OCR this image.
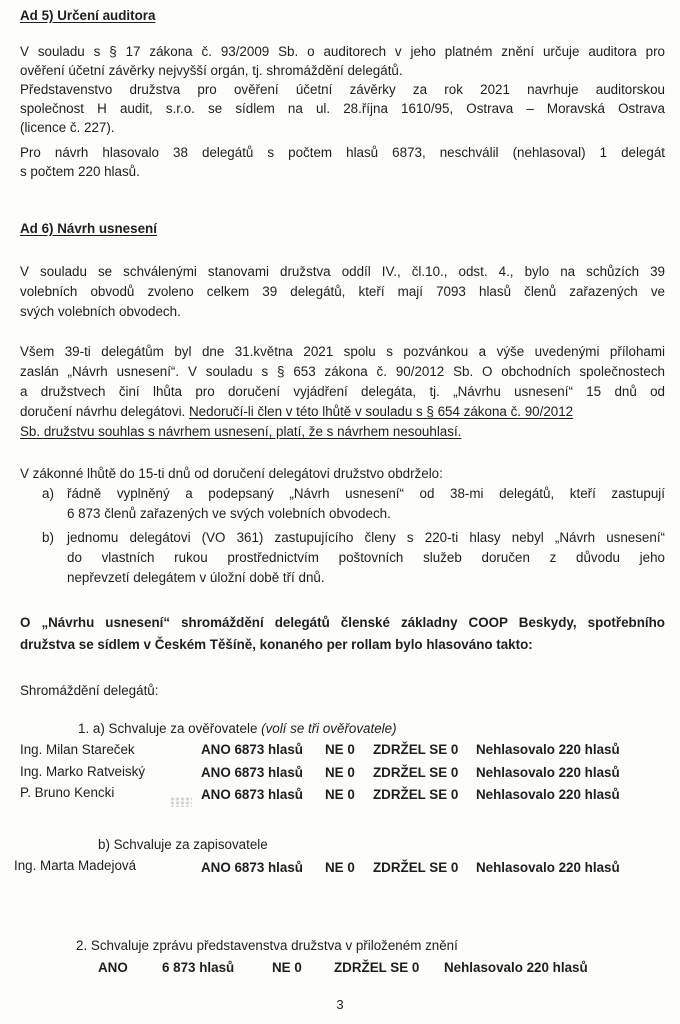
Ad 5) Určení auditora
V souladu s § 17 zákona č. 93/2009 Sb. o auditorech v jeho platném znění určuje auditora pro
ověření účetní závěrky nejvyšší orgán, tj. shromáždění delegátů.
Představenstvo družstva pro ověření účetní závěrky za rok 2021 navrhuje auditorskou
společnost H audit, s.r.o. se sídlem na ul. 28.října 1610/95, Ostrava – Moravská Ostrava
(licence č. 227).
Pro návrh hlasovalo 38 delegátů s počtem hlasů 6873, neschválil (nehlasoval) 1 delegát
s počtem 220 hlasů.
Ad 6) Návrh usnesení
V souladu se schválenými stanovami družstva oddíl IV., čl.10., odst. 4., bylo na schůzích 39
volebních obvodů zvoleno celkem 39 delegátů, kteří mají 7093 hlasů členů zařazených ve
svých volebních obvodech.
Všem 39-ti delegátům byl dne 31.května 2021 spolu s pozvánkou a výše uvedenými přílohami
zaslán „Návrh usnesení“. V souladu s § 653 zákona č. 90/2012 Sb. O obchodních společnostech
a družstvech činí lhůta pro doručení vyjádření delegáta, tj. „Návrhu usnesení“ 15 dnů od
doručení návrhu delegátovi. Nedoručí-li člen v této lhůtě v souladu s § 654 zákona č. 90/2012
Sb. družstvu souhlas s návrhem usnesení, platí, že s návrhem nesouhlasí.
V zákonné lhůtě do 15-ti dnů od doručení delegátovi družstvo obdrželo:
a) řádně vyplněný a podepsaný „Návrh usnesení“ od 38-mi delegátů, kteří zastupují
6 873 členů zařazených ve svých volebních obvodech.
b) jednomu delegátovi (VO 361) zastupujícího členy s 220-ti hlasy nebyl „Návrh usnesení“
do vlastních rukou prostřednictvím poštovních služeb doručen z důvodu jeho
nepřevzetí delegátem v úložní době tří dnů.
O „Návrhu usnesení“ shromáždění delegátů členské základny COOP Beskydy, spotřebního
družstva se sídlem v Českém Těšíně, konaného per rollam bylo hlasováno takto:
Shromáždění delegátů:
1. a) Schvaluje za ověřovatele (volí se tři ověřovatele)
Ing. Milan Stareček	ANO 6873 hlasů NE 0 ZDRŽEL SE 0 Nehlasovalo 220 hlasů
Ing. Marko Ratveiský	ANO 6873 hlasů NE 0 ZDRŽEL SE 0 Nehlasovalo 220 hlasů
P. Bruno Kencki	ANO 6873 hlasů NE 0 ZDRŽEL SE 0 Nehlasovalo 220 hlasů
b) Schvaluje za zapisovatele
Ing. Marta Madejová	ANO 6873 hlasů NE 0 ZDRŽEL SE 0 Nehlasovalo 220 hlasů
2. Schvaluje zprávu představenstva družstva v přiloženém znění
ANO	6 873 hlasů	NE 0 ZDRŽEL SE 0 Nehlasovalo 220 hlasů
3
